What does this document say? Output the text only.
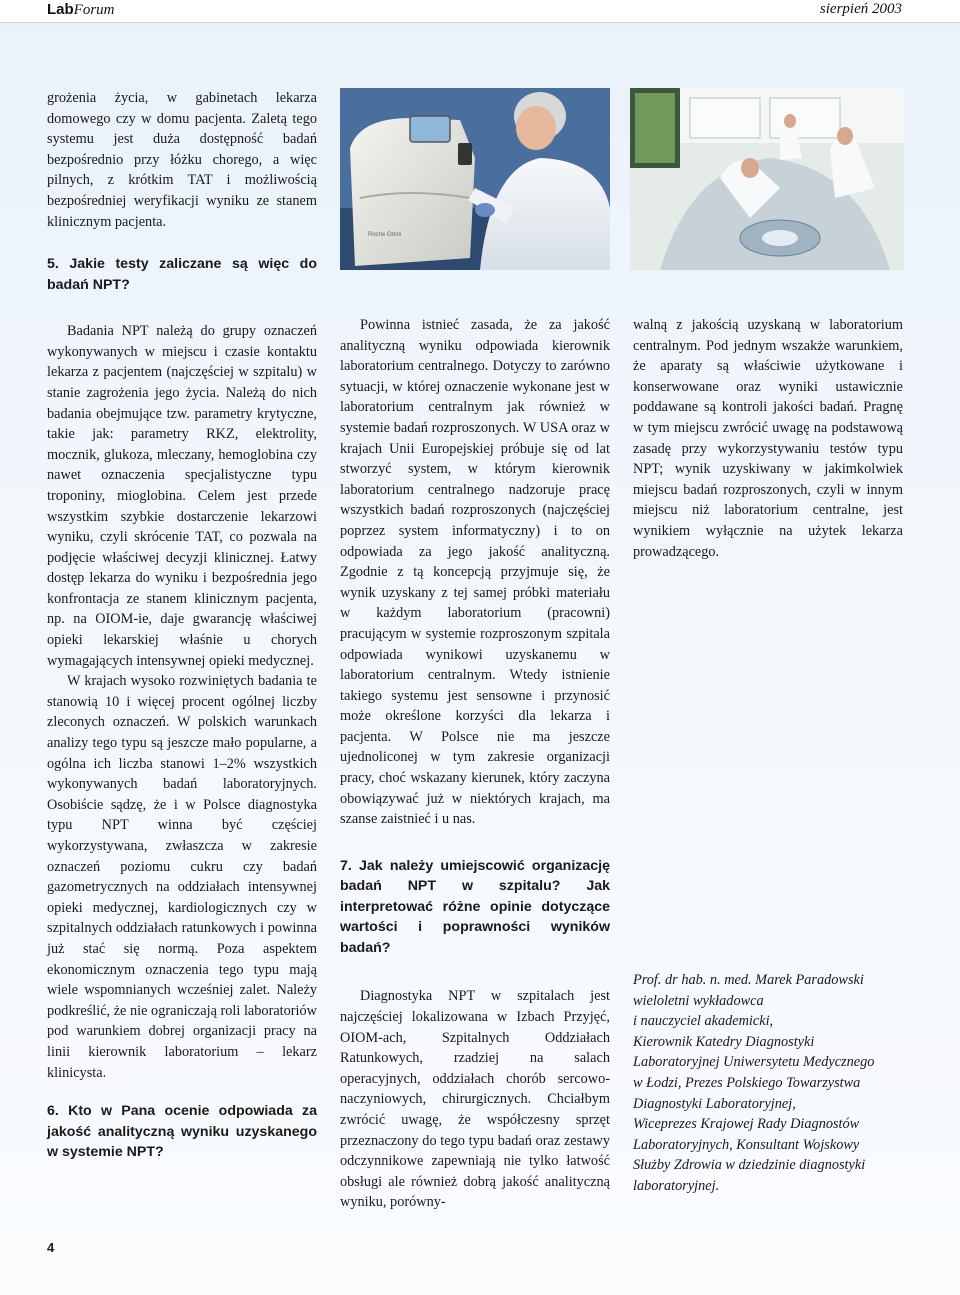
LabForum	sierpień 2003
Roche Omni

grożenia życia, w gabinetach lekarza domowego czy w domu pacjenta. Zaletą tego systemu jest duża dostępność badań bezpośrednio przy łóżku chorego, a więc pilnych, z krótkim TAT i możliwością bezpośredniej weryfikacji wyniku ze stanem klinicznym pacjenta.

5. Jakie testy zaliczane są więc do badań NPT?

Badania NPT należą do grupy oznaczeń wykonywanych w miejscu i czasie kontaktu lekarza z pacjentem (najczęściej w szpitalu) w stanie zagrożenia jego życia. Należą do nich badania obejmujące tzw. parametry krytyczne, takie jak: parametry RKZ, elektrolity, mocznik, glukoza, mleczany, hemoglobina czy nawet oznaczenia specjalistyczne typu troponiny, mioglobina. Celem jest przede wszystkim szybkie dostarczenie lekarzowi wyniku, czyli skrócenie TAT, co pozwala na podjęcie właściwej decyzji klinicznej. Łatwy dostęp lekarza do wyniku i bezpośrednia jego konfrontacja ze stanem klinicznym pacjenta, np. na OIOM-ie, daje gwarancję właściwej opieki lekarskiej właśnie u chorych wymagających intensywnej opieki medycznej.

W krajach wysoko rozwiniętych badania te stanowią 10 i więcej procent ogólnej liczby zleconych oznaczeń. W polskich warunkach analizy tego typu są jeszcze mało popularne, a ogólna ich liczba stanowi 1–2% wszystkich wykonywanych badań laboratoryjnych. Osobiście sądzę, że i w Polsce diagnostyka typu NPT winna być częściej wykorzystywana, zwłaszcza w zakresie oznaczeń poziomu cukru czy badań gazometrycznych na oddziałach intensywnej opieki medycznej, kardiologicznych czy w szpitalnych oddziałach ratunkowych i powinna już stać się normą. Poza aspektem ekonomicznym oznaczenia tego typu mają wiele wspomnianych wcześniej zalet. Należy podkreślić, że nie ograniczają roli laboratoriów pod warunkiem dobrej organizacji pracy na linii kierownik laboratorium – lekarz klinicysta.

6. Kto w Pana ocenie odpowiada za jakość analityczną wyniku uzyskanego w systemie NPT?

Powinna istnieć zasada, że za jakość analityczną wyniku odpowiada kierownik laboratorium centralnego. Dotyczy to zarówno sytuacji, w której oznaczenie wykonane jest w laboratorium centralnym jak również w systemie badań rozproszonych. W USA oraz w krajach Unii Europejskiej próbuje się od lat stworzyć system, w którym kierownik laboratorium centralnego nadzoruje pracę wszystkich badań rozproszonych (najczęściej poprzez system informatyczny) i to on odpowiada za jego jakość analityczną. Zgodnie z tą koncepcją przyjmuje się, że wynik uzyskany z tej samej próbki materiału w każdym laboratorium (pracowni) pracującym w systemie rozproszonym szpitala odpowiada wynikowi uzyskanemu w laboratorium centralnym. Wtedy istnienie takiego systemu jest sensowne i przynosić może określone korzyści dla lekarza i pacjenta. W Polsce nie ma jeszcze ujednoliconej w tym zakresie organizacji pracy, choć wskazany kierunek, który zaczyna obowiązywać już w niektórych krajach, ma szanse zaistnieć i u nas.

7. Jak należy umiejscowić organizację badań NPT w szpitalu? Jak interpretować różne opinie dotyczące wartości i poprawności wyników badań?

Diagnostyka NPT w szpitalach jest najczęściej lokalizowana w Izbach Przyjęć, OIOM-ach, Szpitalnych Oddziałach Ratunkowych, rzadziej na salach operacyjnych, oddziałach chorób sercowo-naczyniowych, chirurgicznych. Chciałbym zwrócić uwagę, że współczesny sprzęt przeznaczony do tego typu badań oraz zestawy odczynnikowe zapewniają nie tylko łatwość obsługi ale również dobrą jakość analityczną wyniku, porówny-

walną z jakością uzyskaną w laboratorium centralnym. Pod jednym wszakże warunkiem, że aparaty są właściwie użytkowane i konserwowane oraz wyniki ustawicznie poddawane są kontroli jakości badań. Pragnę w tym miejscu zwrócić uwagę na podstawową zasadę przy wykorzystywaniu testów typu NPT; wynik uzyskiwany w jakimkolwiek miejscu badań rozproszonych, czyli w innym miejscu niż laboratorium centralne, jest wynikiem wyłącznie na użytek lekarza prowadzącego.

Prof. dr hab. n. med. Marek Paradowski
wieloletni wykładowca
i nauczyciel akademicki,
Kierownik Katedry Diagnostyki
Laboratoryjnej Uniwersytetu Medycznego
w Łodzi, Prezes Polskiego Towarzystwa
Diagnostyki Laboratoryjnej,
Wiceprezes Krajowej Rady Diagnostów
Laboratoryjnych, Konsultant Wojskowy
Służby Zdrowia w dziedzinie diagnostyki
laboratoryjnej.
4
